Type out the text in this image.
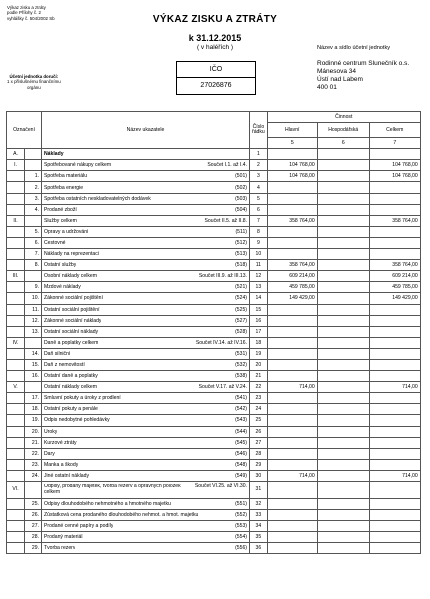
Výkaz zisku a ztráty
podle Přílohy č. 2
vyhlášky č. 504/2002 Sb	VÝKAZ ZISKU A ZTRÁTY
k 31.12.2015
( v haléřích )
IČO
27026876
Název a sídlo účetní jednotky
Rodinné centrum Slunečník o.s.
Mánesova 34
Ústí nad Labem
400 01
Účetní jednotka doručí:
1 x příslušnému finančnímu
orgánu
Označení		Název ukazatele	Číslo řádku	Činnost		
				Hlavní	Hospodářská	Celkem
				5	6	7
A.		Náklady	1			
I.		Spotřebované nákupy celkem Součet I.1. až I.4.	2	104 768,00		104 768,00
	1.	Spotřeba materiálu (501)	3	104 768,00		104 768,00
	2.	Spotřeba energie (502)	4			
	3.	Spotřeba ostatních neskladovatelných dodávek (503)	5			
	4.	Prodané zboží (504)	6			
II.		Služby celkem Součet II.5. až II.8.	7	358 764,00		358 764,00
	5.	Opravy a udržování (511)	8			
	6.	Cestovné (512)	9			
	7.	Náklady na reprezentaci (513)	10			
	8.	Ostatní služby (518)	11	358 764,00		358 764,00
III.		Osobní náklady celkem Součet III.9. až III.13.	12	609 214,00		609 214,00
	9.	Mzdové náklady (521)	13	459 785,00		459 785,00
	10.	Zákonné sociální pojištění (524)	14	149 429,00		149 429,00
	11.	Ostatní sociální pojištění (525)	15			
	12.	Zákonné sociální náklady (527)	16			
	13.	Ostatní sociální náklady (528)	17			
IV.		Daně a poplatky celkem Součet IV.14. až IV.16.	18			
	14.	Daň silniční (531)	19			
	15.	Daň z nemovitostí (532)	20			
	16.	Ostatní daně a poplatky (538)	21			
V.		Ostatní náklady celkem Součet V.17. až V.24.	22	714,00		714,00
	17.	Smluvní pokuty a úroky z prodlení (541)	23			
	18.	Ostatní pokuty a penále (542)	24			
	19.	Odpis nedobytné pohledávky (543)	25			
	20.	Úroky (544)	26			
	21.	Kurzové ztráty (545)	27			
	22.	Dary (546)	28			
	23.	Manka a škody (548)	29			
	24.	Jiné ostatní náklady (549)	30	714,00		714,00
VI.		Odpisy, prodaný majetek, tvorba rezerv a opravných položek celkem
Součet VI.25. až VI.30.	31			
	25.	Odpisy dlouhodobého nehmotného a hmotného majetku (551)	32			
	26.	Zůstatková cena prodaného dlouhodobého nehmot. a hmot. majetku (552)	33			
	27.	Prodané cenné papíry a podíly (553)	34			
	28.	Prodaný materiál (554)	35			
	29.	Tvorba rezerv (556)	36			
